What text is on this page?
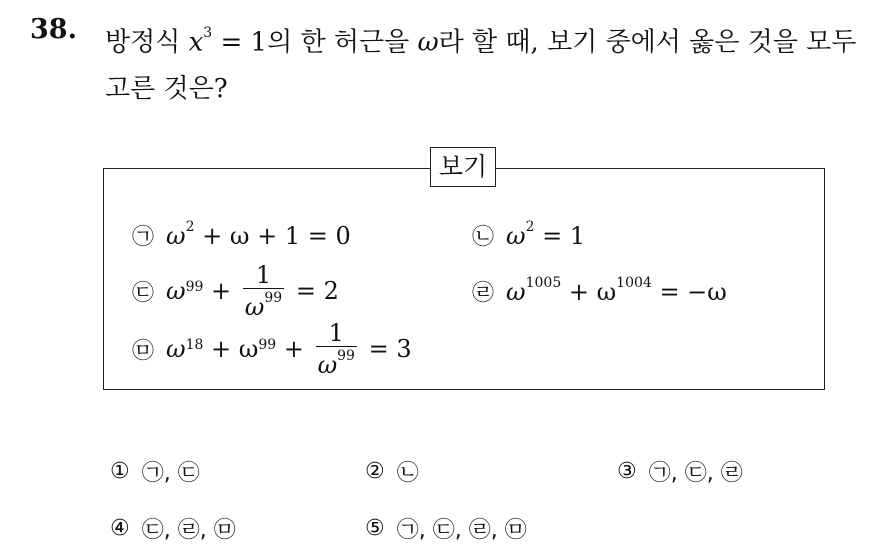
38. 방정식 $x^3 = 1$의 한 허근을 ω라 할 때, 보기 중에서 옳은 것을 모두
고른 것은?
보기
㉠ $\omega^2 + \omega + 1 = 0$	㉡ $\omega^2 = 1$
㉢ $\omega^{99} + \frac{1}{\omega^{99}} = 2$	㉣ $\omega^{1005} + \omega^{1004} = -\omega$
㉤ $\omega^{18} + \omega^{99} + \frac{1}{\omega^{99}} = 3$
① ㉠, ㉢	② ㉡	③ ㉠, ㉢, ㉣
④ ㉢, ㉣, ㉤	⑤ ㉠, ㉢, ㉣, ㉤
